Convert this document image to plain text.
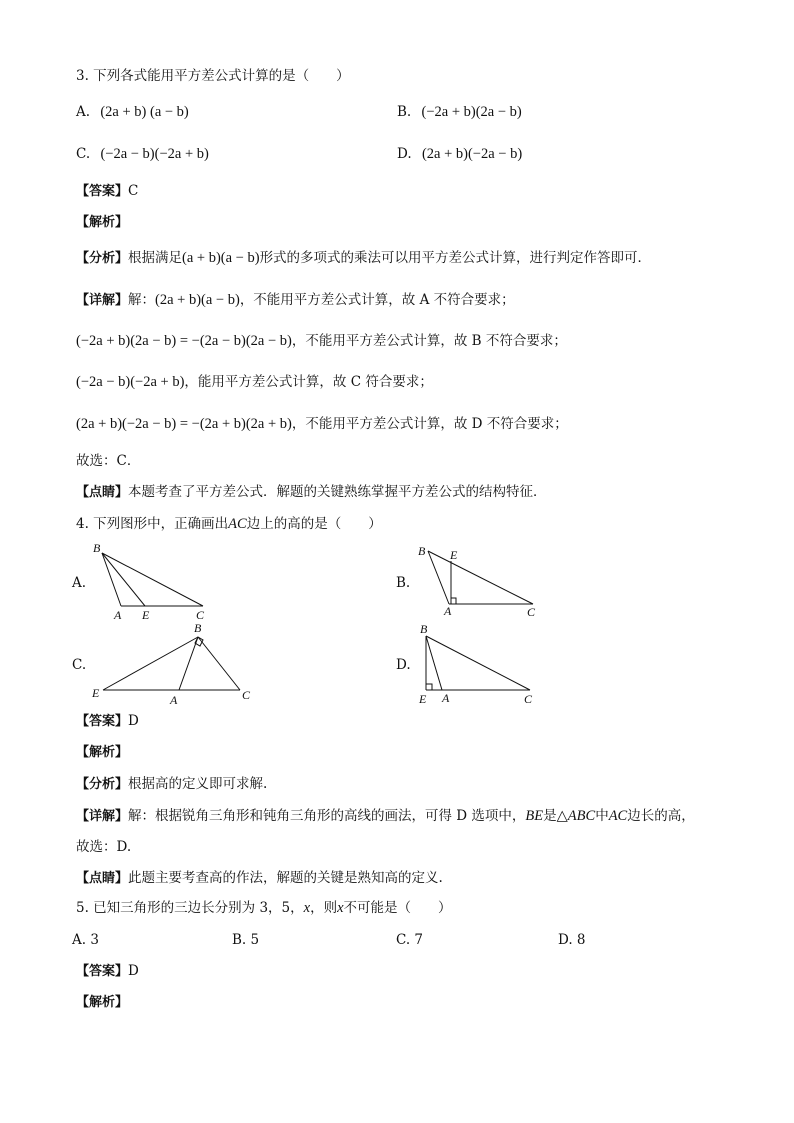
3. 下列各式能用平方差公式计算的是（　　）
A. (2a + b) (a − b)	B. (−2a + b)(2a − b)
C. (−2a − b)(−2a + b)	D. (2a + b)(−2a − b)
【答案】C
【解析】
【分析】根据满足(a + b)(a − b)形式的多项式的乘法可以用平方差公式计算，进行判定作答即可．
【详解】解：(2a + b)(a − b)，不能用平方差公式计算，故 A 不符合要求；
(−2a + b)(2a − b) = −(2a − b)(2a − b)，不能用平方差公式计算，故 B 不符合要求；
(−2a − b)(−2a + b)，能用平方差公式计算，故 C 符合要求；
(2a + b)(−2a − b) = −(2a + b)(2a + b)，不能用平方差公式计算，故 D 不符合要求；
故选：C．
【点睛】本题考查了平方差公式．解题的关键熟练掌握平方差公式的结构特征．
4. 下列图形中，正确画出AC边上的高的是（　　）
A.	B.
C.	D.
B
A E	C
B E
A	C
B
E	A	C
B
E A	C
【答案】D
【解析】
【分析】根据高的定义即可求解.
【详解】解：根据锐角三角形和钝角三角形的高线的画法，可得 D 选项中，BE是△ABC中AC边长的高，
故选：D.
【点睛】此题主要考查高的作法，解题的关键是熟知高的定义.
5. 已知三角形的三边长分别为 3，5，x，则x不可能是（　　）
A. 3	B. 5	C. 7	D. 8
【答案】D
【解析】
